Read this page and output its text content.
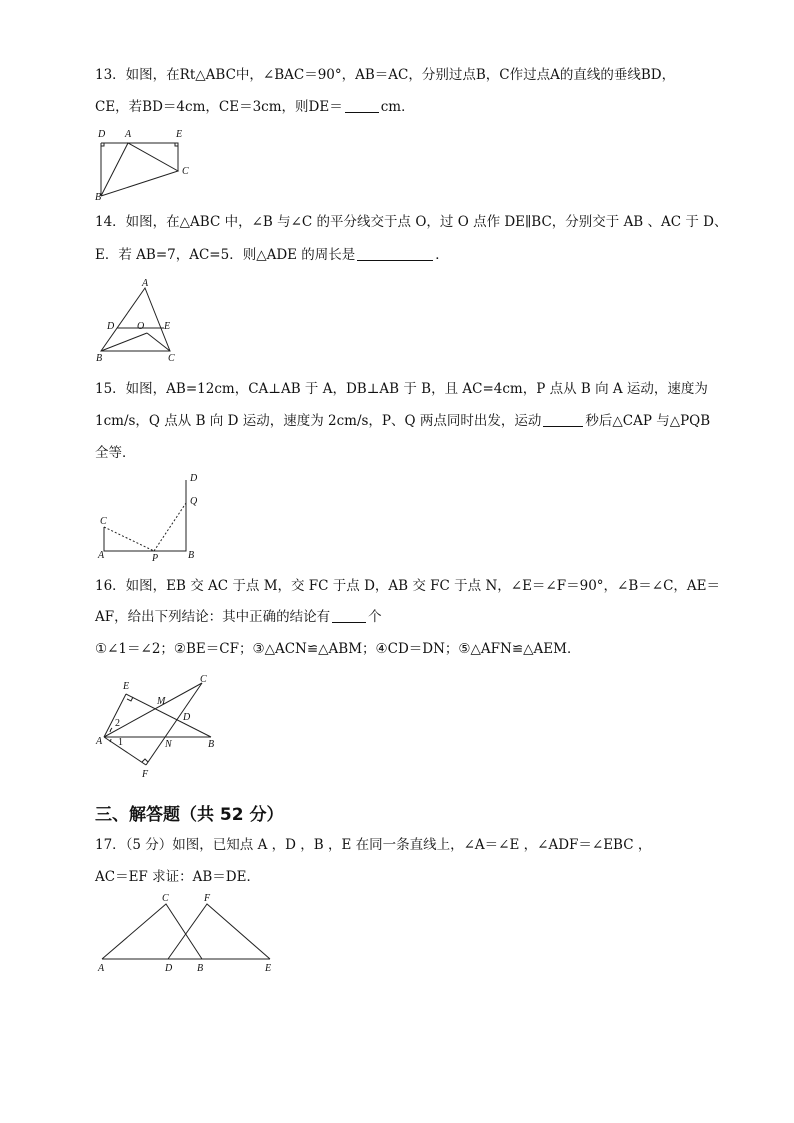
13．如图，在Rt△ABC中，∠BAC＝90°，AB＝AC，分别过点B，C作过点A的直线的垂线BD，
CE，若BD＝4cm，CE＝3cm，则DE＝	cm．
D A	E
C
B
14．如图，在△ABC 中，∠B 与∠C 的平分线交于点 O，过 O 点作 DE∥BC，分别交于 AB 、AC 于 D、
E．若 AB=7，AC=5．则△ADE 的周长是	．
A
D O E
B	C
15．如图，AB=12cm，CA⊥AB 于 A，DB⊥AB 于 B，且 AC=4cm，P 点从 B 向 A 运动，速度为
1cm/s，Q 点从 B 向 D 运动，速度为 2cm/s，P、Q 两点同时出发，运动	秒后△CAP 与△PQB
全等．
D
Q
C
A	P	B
16．如图，EB 交 AC 于点 M，交 FC 于点 D，AB 交 FC 于点 N，∠E＝∠F＝90°，∠B＝∠C，AE＝
AF，给出下列结论：其中正确的结论有	个
①∠1＝∠2；②BE＝CF；③△ACN≌△ABM；④CD＝DN；⑤△AFN≌△AEM．
E
C
M
D
2
A 1	N	B
F
三、解答题（共 52 分）
17．（5 分）如图，已知点 A ，D ，B ，E 在同一条直线上，∠A＝∠E ，∠ADF＝∠EBC ，
AC＝EF 求证：AB＝DE．
C	F
A	D B	E
